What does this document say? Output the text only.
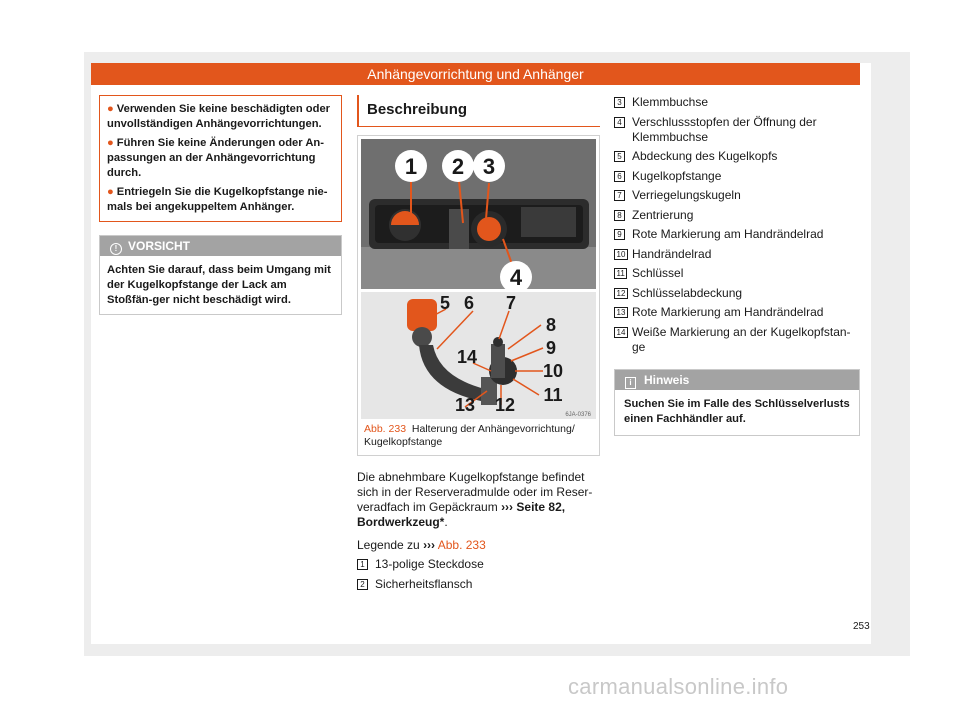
Anhängevorrichtung und Anhänger

● Verwenden Sie keine beschädigten oder unvollständigen Anhängevorrichtungen.

● Führen Sie keine Änderungen oder An-passungen an der Anhängevorrichtung durch.

● Entriegeln Sie die Kugelkopfstange nie-mals bei angekuppeltem Anhänger.

! VORSICHT
Achten Sie darauf, dass beim Umgang mit der Kugelkopfstange der Lack am Stoßfän-ger nicht beschädigt wird.
Beschreibung
1 2 3
4
5 6 7
8
9
10
11
12
13
14
6JA-0376
Abb. 233 Halterung der Anhängevorrichtung/ Kugelkopfstange
Die abnehmbare Kugelkopfstange befindet sich in der Reserveradmulde oder im Reser-veradfach im Gepäckraum ››› Seite 82, Bordwerkzeug*.
Legende zu ››› Abb. 233
1 13-polige Steckdose
2 Sicherheitsflansch
3 Klemmbuchse
4 Verschlussstopfen der Öffnung der Klemmbuchse
5 Abdeckung des Kugelkopfs
6 Kugelkopfstange
7 Verriegelungskugeln
8 Zentrierung
9 Rote Markierung am Handrändelrad
10 Handrändelrad
11 Schlüssel
12 Schlüsselabdeckung
13 Rote Markierung am Handrändelrad
14 Weiße Markierung an der Kugelkopfstan-ge
i Hinweis
Suchen Sie im Falle des Schlüsselverlusts einen Fachhändler auf.
253
carmanualsonline.info
